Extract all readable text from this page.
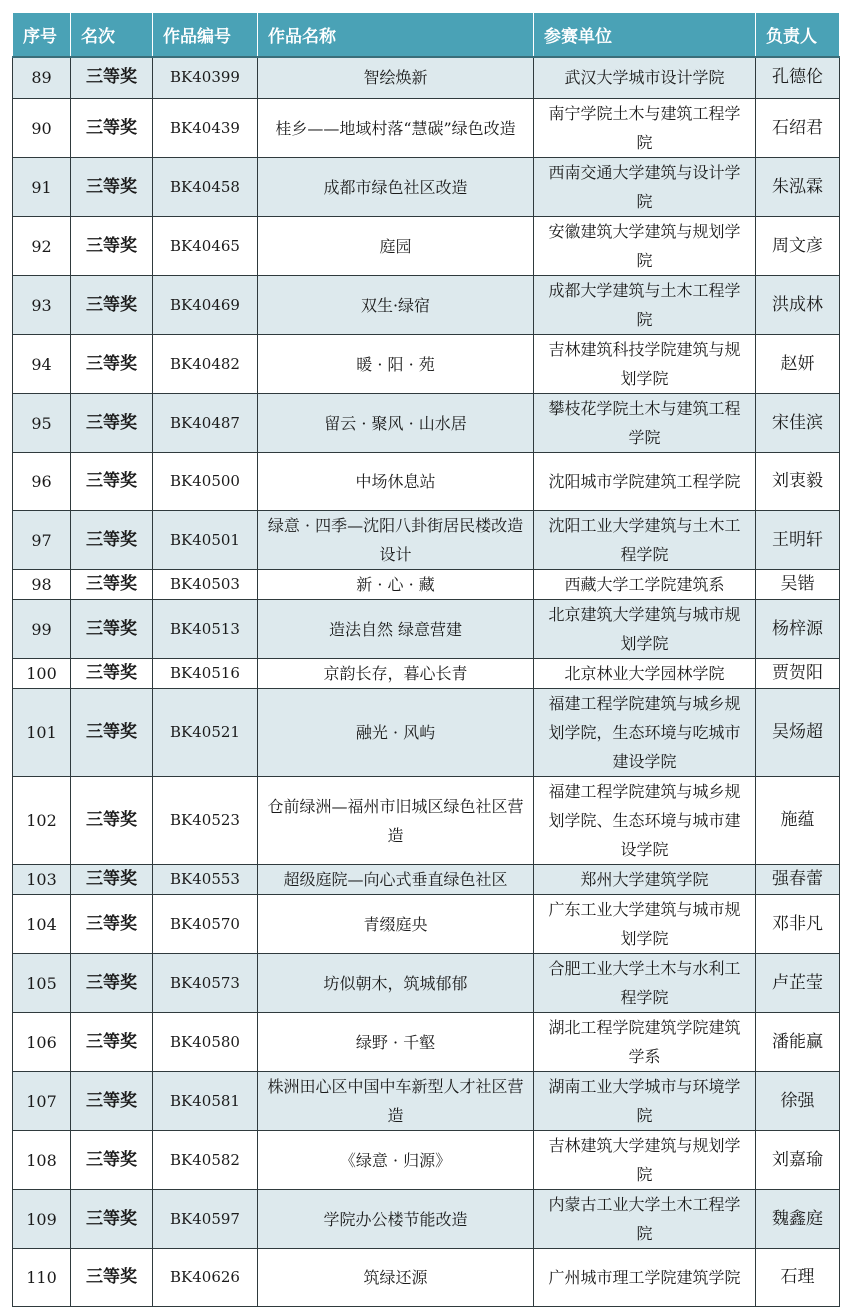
序号	名次	作品编号	作品名称	参赛单位	负责人
89	三等奖	BK40399	智绘焕新	武汉大学城市设计学院	孔德伦
90	三等奖	BK40439	桂乡——地域村落“慧碳”绿色改造	南宁学院土木与建筑工程学院	石绍君
91	三等奖	BK40458	成都市绿色社区改造	西南交通大学建筑与设计学院	朱泓霖
92	三等奖	BK40465	庭园	安徽建筑大学建筑与规划学院	周文彦
93	三等奖	BK40469	双生·绿宿	成都大学建筑与土木工程学院	洪成林
94	三等奖	BK40482	暖 · 阳 · 苑	吉林建筑科技学院建筑与规划学院	赵妍
95	三等奖	BK40487	留云 · 聚风 · 山水居	攀枝花学院土木与建筑工程学院	宋佳滨
96	三等奖	BK40500	中场休息站	沈阳城市学院建筑工程学院	刘衷毅
97	三等奖	BK40501	绿意 · 四季—沈阳八卦街居民楼改造设计	沈阳工业大学建筑与土木工程学院	王明轩
98	三等奖	BK40503	新 · 心 · 藏	西藏大学工学院建筑系	吴锴
99	三等奖	BK40513	造法自然 绿意营建	北京建筑大学建筑与城市规划学院	杨梓源
100	三等奖	BK40516	京韵长存，暮心长青	北京林业大学园林学院	贾贺阳
101	三等奖	BK40521	融光 · 风屿	福建工程学院建筑与城乡规划学院，生态环境与吃城市建设学院	吴炀超
102	三等奖	BK40523	仓前绿洲—福州市旧城区绿色社区营造	福建工程学院建筑与城乡规划学院、生态环境与城市建设学院	施蕴
103	三等奖	BK40553	超级庭院—向心式垂直绿色社区	郑州大学建筑学院	强春蕾
104	三等奖	BK40570	青缀庭央	广东工业大学建筑与城市规划学院	邓非凡
105	三等奖	BK40573	坊似朝木，筑城郁郁	合肥工业大学土木与水利工程学院	卢芷莹
106	三等奖	BK40580	绿野 · 千壑	湖北工程学院建筑学院建筑学系	潘能赢
107	三等奖	BK40581	株洲田心区中国中车新型人才社区营造	湖南工业大学城市与环境学院	徐强
108	三等奖	BK40582	《绿意 · 归源》	吉林建筑大学建筑与规划学院	刘嘉瑜
109	三等奖	BK40597	学院办公楼节能改造	内蒙古工业大学土木工程学院	魏鑫庭
110	三等奖	BK40626	筑绿还源	广州城市理工学院建筑学院	石理
